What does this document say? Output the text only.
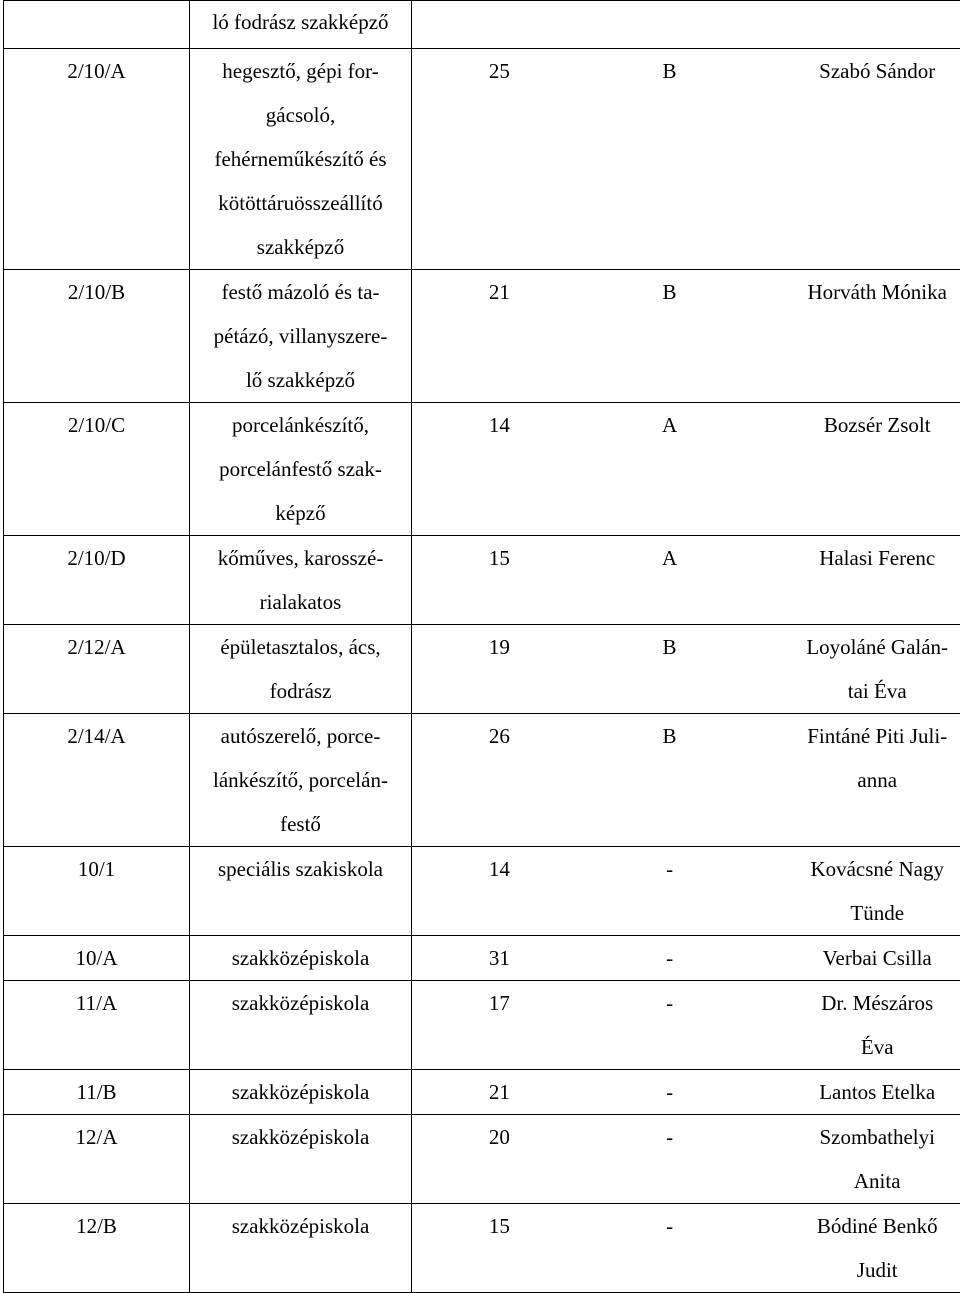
	ló fodrász szakképző	

2/10/A	hegesztő, gépi for-
gácsoló,
fehérneműkészítő és
kötöttáruösszeállító
szakképző	25 B Szabó Sándor

2/10/B	festő mázoló és ta-
pétázó, villanyszere-
lő szakképző	21 B Horváth Mónika

2/10/C	porcelánkészítő,
porcelánfestő szak-
képző	14 A Bozsér Zsolt

2/10/D	kőműves, karosszé-
rialakatos	15 A Halasi Ferenc

2/12/A	épületasztalos, ács,
fodrász	19 B Loyoláné Galán-
tai Éva

2/14/A	autószerelő, porce-
lánkészítő, porcelán-
festő	26 B Fintáné Piti Juli-
anna

10/1	speciális szakiskola	14 - Kovácsné Nagy
Tünde

10/A	szakközépiskola	31 - Verbai Csilla

11/A	szakközépiskola	17 - Dr. Mészáros
Éva

11/B	szakközépiskola	21 - Lantos Etelka

12/A	szakközépiskola	20 - Szombathelyi
Anita

12/B	szakközépiskola	15 - Bódiné Benkő
Judit
